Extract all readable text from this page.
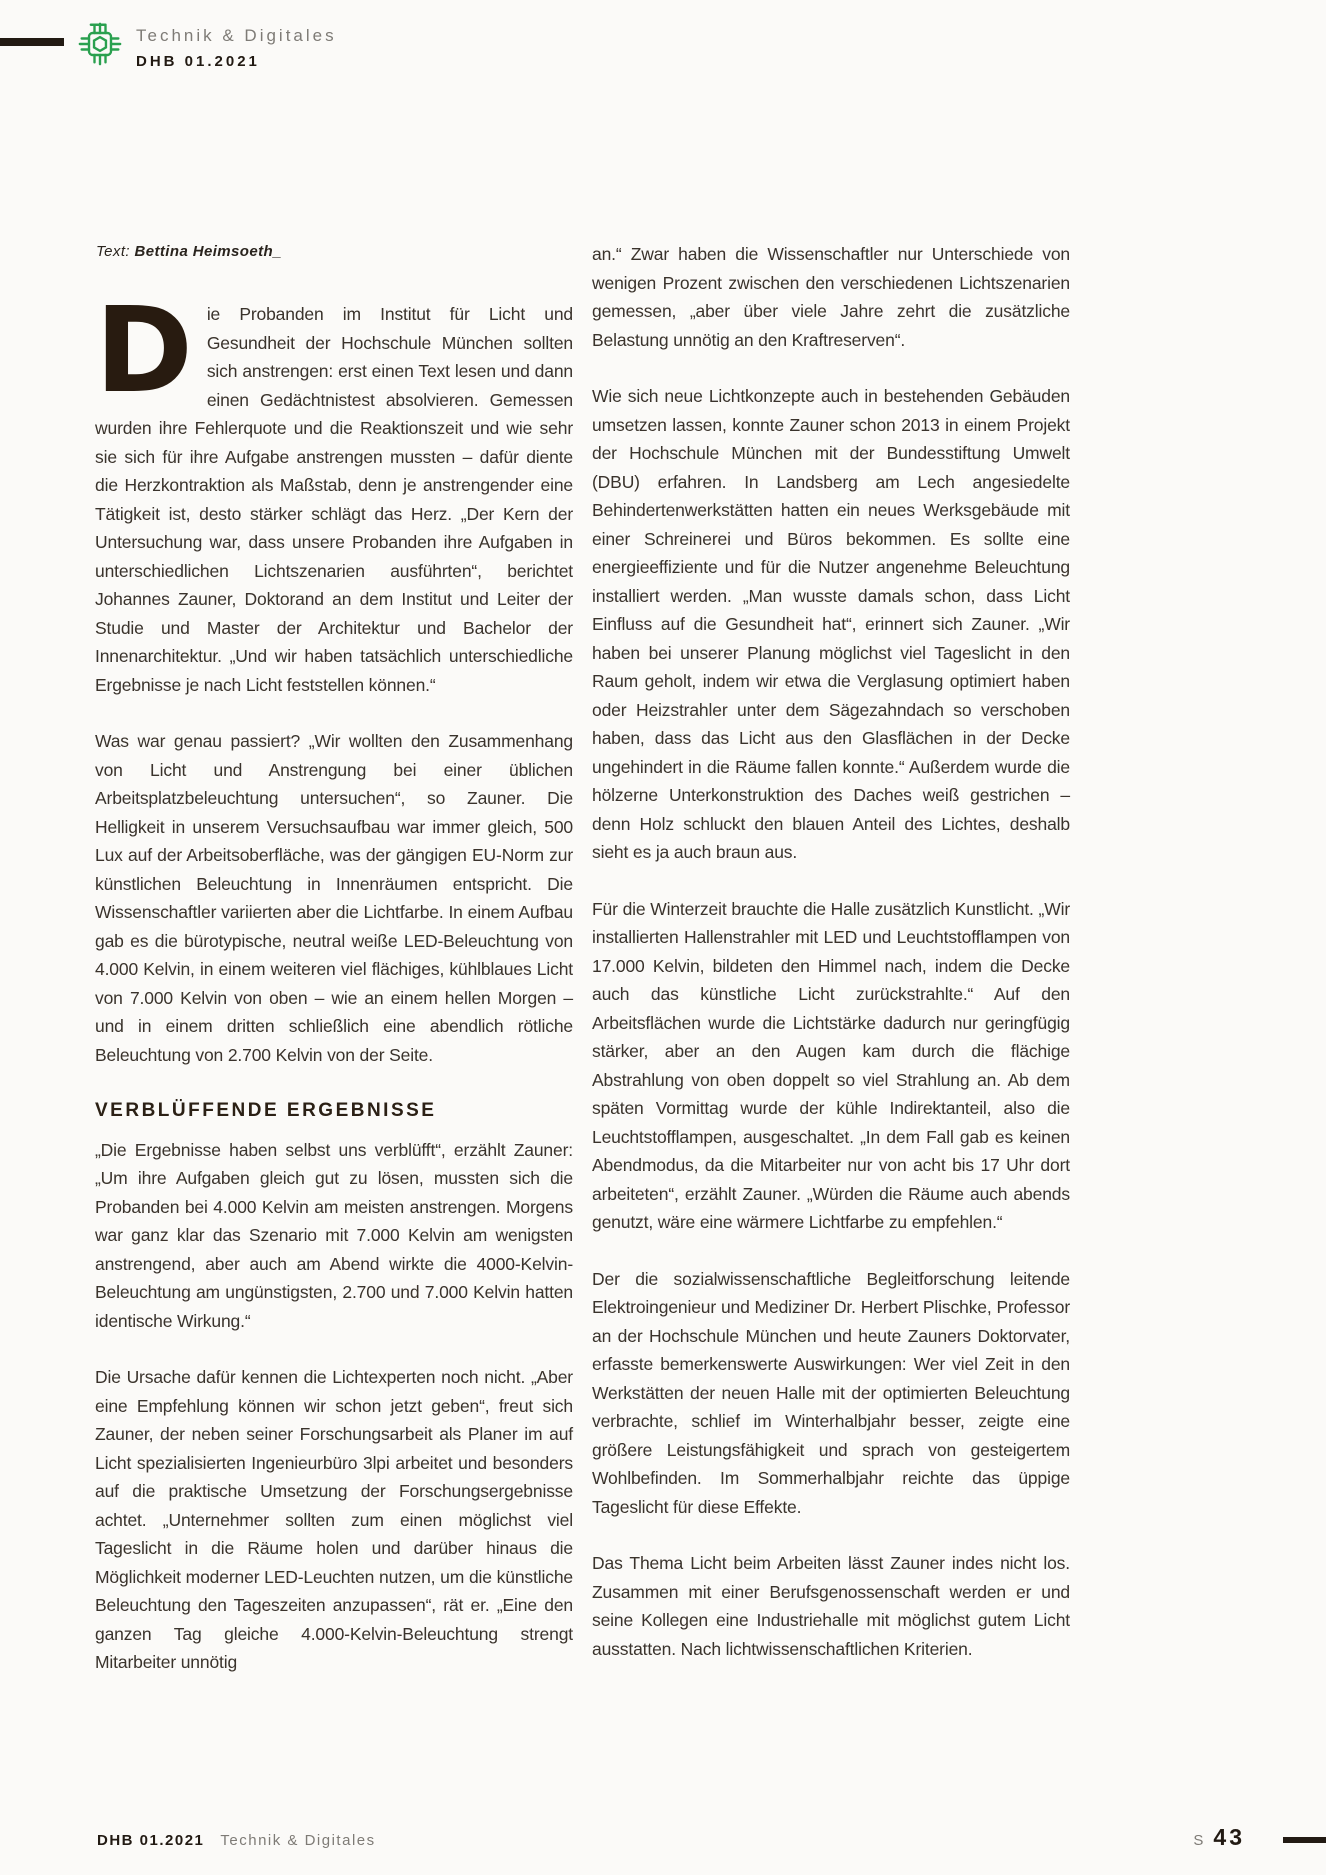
Technik & Digitales
DHB 01.2021
Text: Bettina Heimsoeth_

Die Probanden im Institut für Licht und Gesundheit der Hochschule München sollten sich anstrengen: erst einen Text lesen und dann einen Gedächtnistest absolvieren. Gemessen wurden ihre Fehlerquote und die Reaktionszeit und wie sehr sie sich für ihre Aufgabe anstrengen mussten – dafür diente die Herzkontraktion als Maßstab, denn je anstrengender eine Tätigkeit ist, desto stärker schlägt das Herz. „Der Kern der Untersuchung war, dass unsere Probanden ihre Aufgaben in unterschiedlichen Lichtszenarien ausführten“, berichtet Johannes Zauner, Doktorand an dem Institut und Leiter der Studie und Master der Architektur und Bachelor der Innenarchitektur. „Und wir haben tatsächlich unterschiedliche Ergebnisse je nach Licht feststellen können.“

Was war genau passiert? „Wir wollten den Zusammenhang von Licht und Anstrengung bei einer üblichen Arbeitsplatzbeleuchtung untersuchen“, so Zauner. Die Helligkeit in unserem Versuchsaufbau war immer gleich, 500 Lux auf der Arbeitsoberfläche, was der gängigen EU-Norm zur künstlichen Beleuchtung in Innenräumen entspricht. Die Wissenschaftler variierten aber die Lichtfarbe. In einem Aufbau gab es die bürotypische, neutral weiße LED-Beleuchtung von 4.000 Kelvin, in einem weiteren viel flächiges, kühlblaues Licht von 7.000 Kelvin von oben – wie an einem hellen Morgen – und in einem dritten schließlich eine abendlich rötliche Beleuchtung von 2.700 Kelvin von der Seite.

VERBLÜFFENDE ERGEBNISSE

„Die Ergebnisse haben selbst uns verblüfft“, erzählt Zauner: „Um ihre Aufgaben gleich gut zu lösen, mussten sich die Probanden bei 4.000 Kelvin am meisten anstrengen. Morgens war ganz klar das Szenario mit 7.000 Kelvin am wenigsten anstrengend, aber auch am Abend wirkte die 4000-Kelvin-Beleuchtung am ungünstigsten, 2.700 und 7.000 Kelvin hatten identische Wirkung.“

Die Ursache dafür kennen die Lichtexperten noch nicht. „Aber eine Empfehlung können wir schon jetzt geben“, freut sich Zauner, der neben seiner Forschungsarbeit als Planer im auf Licht spezialisierten Ingenieurbüro 3lpi arbeitet und besonders auf die praktische Umsetzung der Forschungsergebnisse achtet. „Unternehmer sollten zum einen möglichst viel Tageslicht in die Räume holen und darüber hinaus die Möglichkeit moderner LED-Leuchten nutzen, um die künstliche Beleuchtung den Tageszeiten anzupassen“, rät er. „Eine den ganzen Tag gleiche 4.000-Kelvin-Beleuchtung strengt Mitarbeiter unnötig

an.“ Zwar haben die Wissenschaftler nur Unterschiede von wenigen Prozent zwischen den verschiedenen Lichtszenarien gemessen, „aber über viele Jahre zehrt die zusätzliche Belastung unnötig an den Kraftreserven“.

Wie sich neue Lichtkonzepte auch in bestehenden Gebäuden umsetzen lassen, konnte Zauner schon 2013 in einem Projekt der Hochschule München mit der Bundesstiftung Umwelt (DBU) erfahren. In Landsberg am Lech angesiedelte Behindertenwerkstätten hatten ein neues Werksgebäude mit einer Schreinerei und Büros bekommen. Es sollte eine energieeffiziente und für die Nutzer angenehme Beleuchtung installiert werden. „Man wusste damals schon, dass Licht Einfluss auf die Gesundheit hat“, erinnert sich Zauner. „Wir haben bei unserer Planung möglichst viel Tageslicht in den Raum geholt, indem wir etwa die Verglasung optimiert haben oder Heizstrahler unter dem Sägezahndach so verschoben haben, dass das Licht aus den Glasflächen in der Decke ungehindert in die Räume fallen konnte.“ Außerdem wurde die hölzerne Unterkonstruktion des Daches weiß gestrichen – denn Holz schluckt den blauen Anteil des Lichtes, deshalb sieht es ja auch braun aus.

Für die Winterzeit brauchte die Halle zusätzlich Kunstlicht. „Wir installierten Hallenstrahler mit LED und Leuchtstofflampen von 17.000 Kelvin, bildeten den Himmel nach, indem die Decke auch das künstliche Licht zurückstrahlte.“ Auf den Arbeitsflächen wurde die Lichtstärke dadurch nur geringfügig stärker, aber an den Augen kam durch die flächige Abstrahlung von oben doppelt so viel Strahlung an. Ab dem späten Vormittag wurde der kühle Indirektanteil, also die Leuchtstofflampen, ausgeschaltet. „In dem Fall gab es keinen Abendmodus, da die Mitarbeiter nur von acht bis 17 Uhr dort arbeiteten“, erzählt Zauner. „Würden die Räume auch abends genutzt, wäre eine wärmere Lichtfarbe zu empfehlen.“

Der die sozialwissenschaftliche Begleitforschung leitende Elektroingenieur und Mediziner Dr. Herbert Plischke, Professor an der Hochschule München und heute Zauners Doktorvater, erfasste bemerkenswerte Auswirkungen: Wer viel Zeit in den Werkstätten der neuen Halle mit der optimierten Beleuchtung verbrachte, schlief im Winterhalbjahr besser, zeigte eine größere Leistungsfähigkeit und sprach von gesteigertem Wohlbefinden. Im Sommerhalbjahr reichte das üppige Tageslicht für diese Effekte.

Das Thema Licht beim Arbeiten lässt Zauner indes nicht los. Zusammen mit einer Berufsgenossenschaft werden er und seine Kollegen eine Industriehalle mit möglichst gutem Licht ausstatten. Nach lichtwissenschaftlichen Kriterien.

DHB 01.2021 Technik & Digitales	S 43
